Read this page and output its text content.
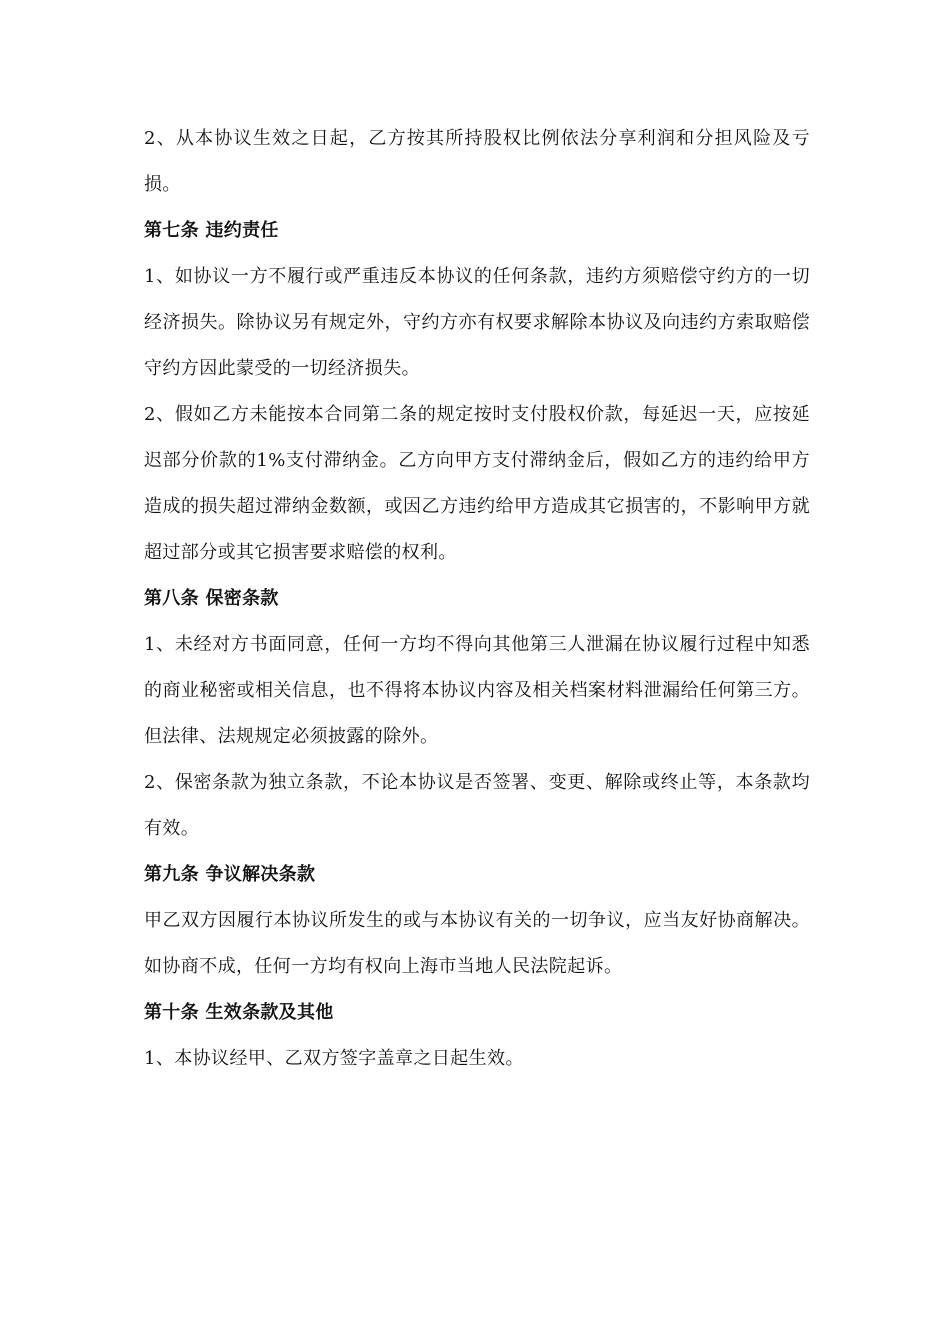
2、从本协议生效之日起，乙方按其所持股权比例依法分享利润和分担风险及亏损。

第七条 违约责任

1、如协议一方不履行或严重违反本协议的任何条款，违约方须赔偿守约方的一切经济损失。除协议另有规定外，守约方亦有权要求解除本协议及向违约方索取赔偿守约方因此蒙受的一切经济损失。

2、假如乙方未能按本合同第二条的规定按时支付股权价款，每延迟一天，应按延迟部分价款的1%支付滞纳金。乙方向甲方支付滞纳金后，假如乙方的违约给甲方造成的损失超过滞纳金数额，或因乙方违约给甲方造成其它损害的，不影响甲方就超过部分或其它损害要求赔偿的权利。

第八条 保密条款

1、未经对方书面同意，任何一方均不得向其他第三人泄漏在协议履行过程中知悉的商业秘密或相关信息，也不得将本协议内容及相关档案材料泄漏给任何第三方。但法律、法规规定必须披露的除外。

2、保密条款为独立条款，不论本协议是否签署、变更、解除或终止等，本条款均有效。

第九条 争议解决条款

甲乙双方因履行本协议所发生的或与本协议有关的一切争议，应当友好协商解决。如协商不成，任何一方均有权向上海市当地人民法院起诉。

第十条 生效条款及其他

1、本协议经甲、乙双方签字盖章之日起生效。
